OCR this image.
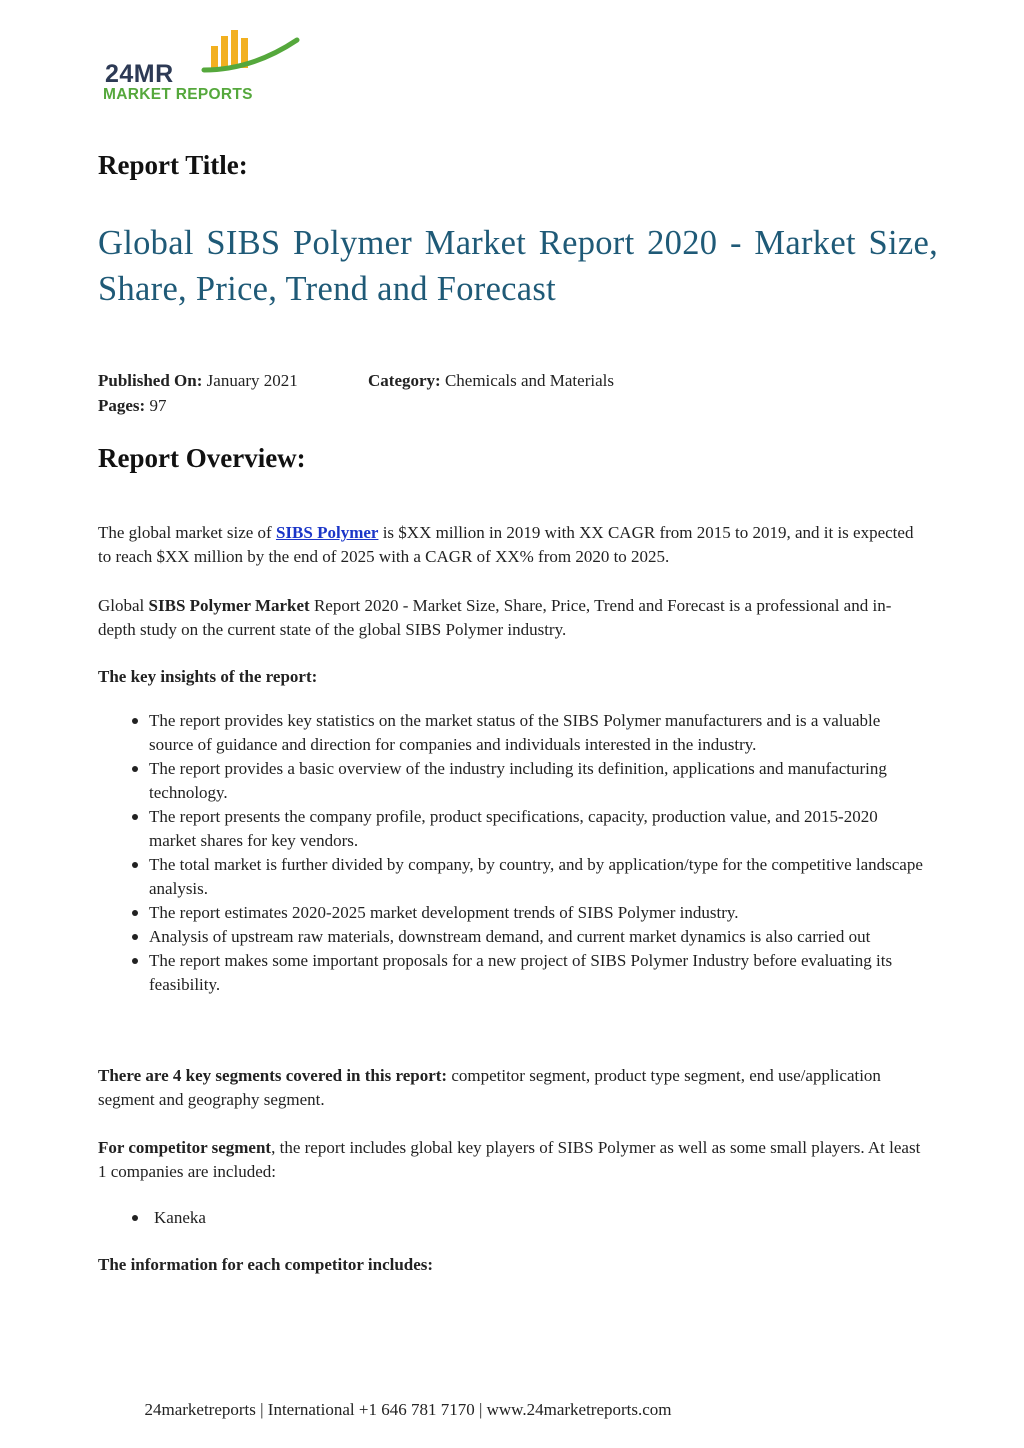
24MR
MARKET REPORTS
Report Title:
Global SIBS Polymer Market Report 2020 - Market Size, Share, Price, Trend and Forecast
Published On: January 2021	Category: Chemicals and Materials
Pages: 97
Report Overview:

The global market size of SIBS Polymer is $XX million in 2019 with XX CAGR from 2015 to 2019, and it is expected to reach $XX million by the end of 2025 with a CAGR of XX% from 2020 to 2025.

Global SIBS Polymer Market Report 2020 - Market Size, Share, Price, Trend and Forecast is a professional and in-depth study on the current state of the global SIBS Polymer industry.

The key insights of the report:

The report provides key statistics on the market status of the SIBS Polymer manufacturers and is a valuable source of guidance and direction for companies and individuals interested in the industry.
The report provides a basic overview of the industry including its definition, applications and manufacturing technology.
The report presents the company profile, product specifications, capacity, production value, and 2015-2020 market shares for key vendors.
The total market is further divided by company, by country, and by application/type for the competitive landscape analysis.
The report estimates 2020-2025 market development trends of SIBS Polymer industry.
Analysis of upstream raw materials, downstream demand, and current market dynamics is also carried out
The report makes some important proposals for a new project of SIBS Polymer Industry before evaluating its feasibility.

There are 4 key segments covered in this report: competitor segment, product type segment, end use/application segment and geography segment.

For competitor segment, the report includes global key players of SIBS Polymer as well as some small players. At least 1 companies are included:

Kaneka

The information for each competitor includes:

24marketreports | International +1 646 781 7170 | www.24marketreports.com
